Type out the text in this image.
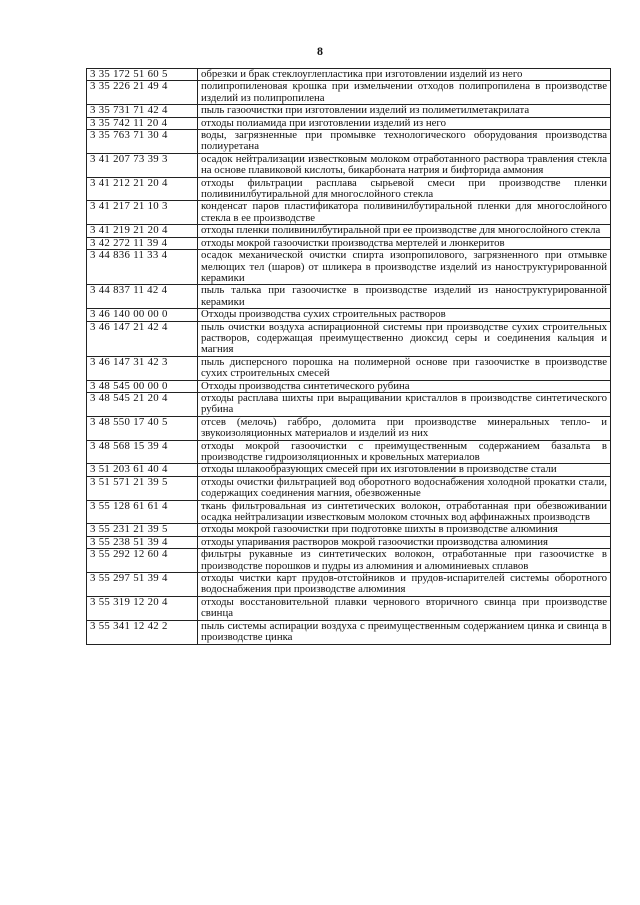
8
3 35 172 51 60 5	обрезки и брак стеклоуглепластика при изготовлении изделий из него
3 35 226 21 49 4	полипропиленовая крошка при измельчении отходов полипропилена в производстве изделий из полипропилена
3 35 731 71 42 4	пыль газоочистки при изготовлении изделий из полиметилметакрилата
3 35 742 11 20 4	отходы полиамида при изготовлении изделий из него
3 35 763 71 30 4	воды, загрязненные при промывке технологического оборудования производства полиуретана
3 41 207 73 39 3	осадок нейтрализации известковым молоком отработанного раствора травления стекла на основе плавиковой кислоты, бикарбоната натрия и бифторида аммония
3 41 212 21 20 4	отходы фильтрации расплава сырьевой смеси при производстве пленки поливинилбутиральной для многослойного стекла
3 41 217 21 10 3	конденсат паров пластификатора поливинилбутиральной пленки для многослойного стекла в ее производстве
3 41 219 21 20 4	отходы пленки поливинилбутиральной при ее производстве для многослойного стекла
3 42 272 11 39 4	отходы мокрой газоочистки производства мертелей и люнкеритов
3 44 836 11 33 4	осадок механической очистки спирта изопропилового, загрязненного при отмывке мелющих тел (шаров) от шликера в производстве изделий из наноструктурированной керамики
3 44 837 11 42 4	пыль талька при газоочистке в производстве изделий из наноструктурированной керамики
3 46 140 00 00 0	Отходы производства сухих строительных растворов
3 46 147 21 42 4	пыль очистки воздуха аспирационной системы при производстве сухих строительных растворов, содержащая преимущественно диоксид серы и соединения кальция и магния
3 46 147 31 42 3	пыль дисперсного порошка на полимерной основе при газоочистке в производстве сухих строительных смесей
3 48 545 00 00 0	Отходы производства синтетического рубина
3 48 545 21 20 4	отходы расплава шихты при выращивании кристаллов в производстве синтетического рубина
3 48 550 17 40 5	отсев (мелочь) габбро, доломита при производстве минеральных тепло- и звукоизоляционных материалов и изделий из них
3 48 568 15 39 4	отходы мокрой газоочистки с преимущественным содержанием базальта в производстве гидроизоляционных и кровельных материалов
3 51 203 61 40 4	отходы шлакообразующих смесей при их изготовлении в производстве стали
3 51 571 21 39 5	отходы очистки фильтрацией вод оборотного водоснабжения холодной прокатки стали, содержащих соединения магния, обезвоженные
3 55 128 61 61 4	ткань фильтровальная из синтетических волокон, отработанная при обезвоживании осадка нейтрализации известковым молоком сточных вод аффинажных производств
3 55 231 21 39 5	отходы мокрой газоочистки при подготовке шихты в производстве алюминия
3 55 238 51 39 4	отходы упаривания растворов мокрой газоочистки производства алюминия
3 55 292 12 60 4	фильтры рукавные из синтетических волокон, отработанные при газоочистке в производстве порошков и пудры из алюминия и алюминиевых сплавов
3 55 297 51 39 4	отходы чистки карт прудов-отстойников и прудов-испарителей системы оборотного водоснабжения при производстве алюминия
3 55 319 12 20 4	отходы восстановительной плавки чернового вторичного свинца при производстве свинца
3 55 341 12 42 2	пыль системы аспирации воздуха с преимущественным содержанием цинка и свинца в производстве цинка
